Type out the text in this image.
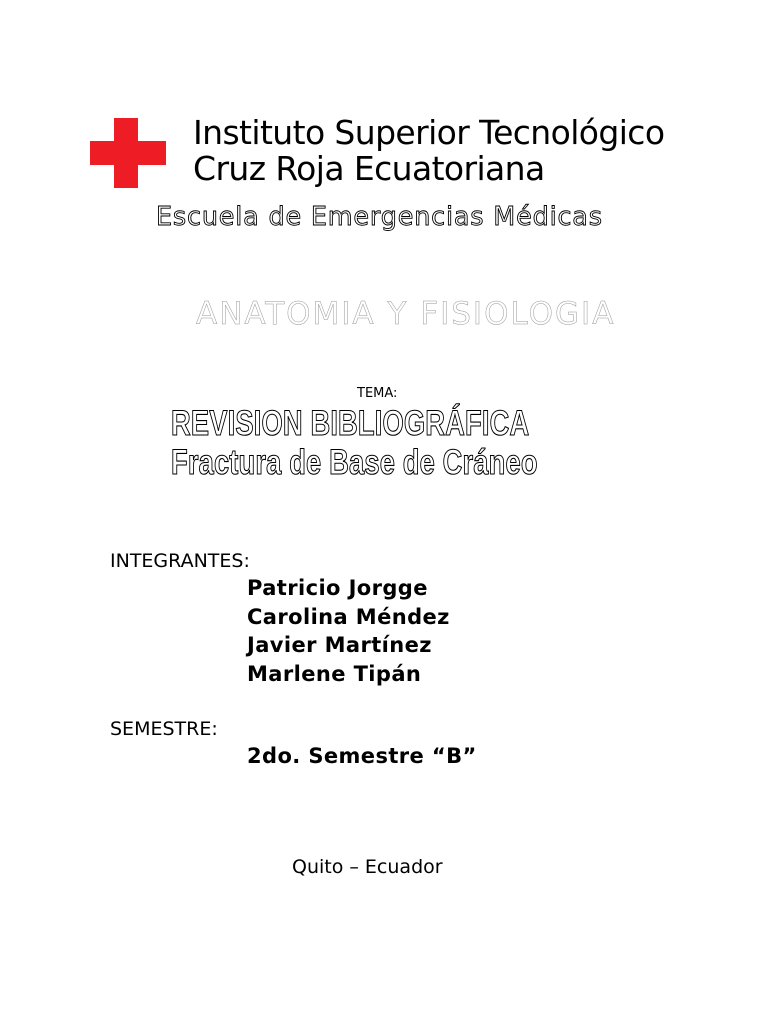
Instituto Superior Tecnológico
Cruz Roja Ecuatoriana
Escuela de Emergencias Médicas
ANATOMIA Y FISIOLOGIA
TEMA:
REVISION BIBLIOGRÁFICA
Fractura de Base de Cráneo
INTEGRANTES:
Patricio Jorgge
Carolina Méndez
Javier Martínez
Marlene Tipán
SEMESTRE:
2do. Semestre “B”
Quito – Ecuador
